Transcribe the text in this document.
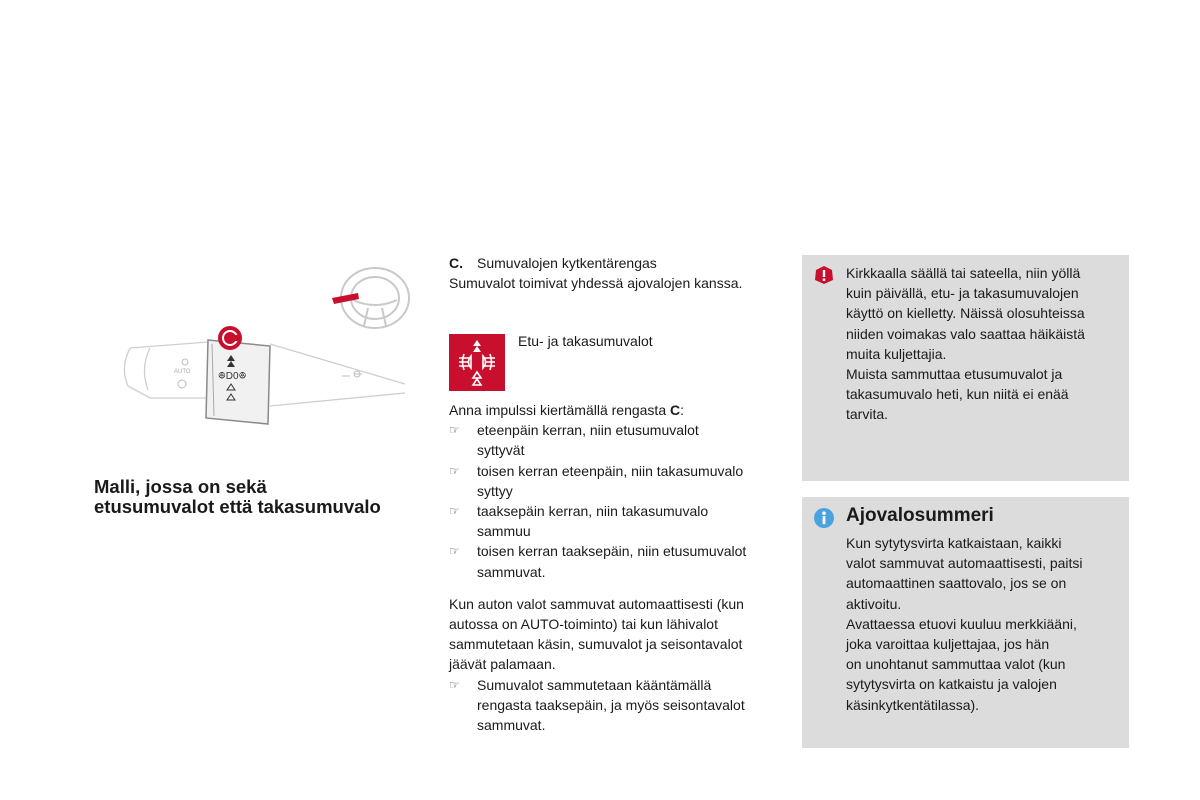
AUTO	ꔮD0ꔮ
Malli, jossa on sekä
etusumuvalot että takasumuvalo
C.	Sumuvalojen kytkentärengas
Sumuvalot toimivat yhdessä ajovalojen kanssa.
Etu- ja takasumuvalot
Anna impulssi kiertämällä rengasta C:
☞	eteenpäin kerran, niin etusumuvalot
syttyvät
☞	toisen kerran eteenpäin, niin takasumuvalo
syttyy
☞	taaksepäin kerran, niin takasumuvalo
sammuu
☞	toisen kerran taaksepäin, niin etusumuvalot
sammuvat.
Kun auton valot sammuvat automaattisesti (kun
autossa on AUTO-toiminto) tai kun lähivalot
sammutetaan käsin, sumuvalot ja seisontavalot
jäävät palamaan.
☞	Sumuvalot sammutetaan kääntämällä
rengasta taaksepäin, ja myös seisontavalot
sammuvat.
Kirkkaalla säällä tai sateella, niin yöllä
kuin päivällä, etu- ja takasumuvalojen
käyttö on kielletty. Näissä olosuhteissa
niiden voimakas valo saattaa häikäistä
muita kuljettajia.
Muista sammuttaa etusumuvalot ja
takasumuvalo heti, kun niitä ei enää
tarvita.
Ajovalosummeri
Kun sytytysvirta katkaistaan, kaikki
valot sammuvat automaattisesti, paitsi
automaattinen saattovalo, jos se on
aktivoitu.
Avattaessa etuovi kuuluu merkkiääni,
joka varoittaa kuljettajaa, jos hän
on unohtanut sammuttaa valot (kun
sytytysvirta on katkaistu ja valojen
käsinkytkentätilassa).
